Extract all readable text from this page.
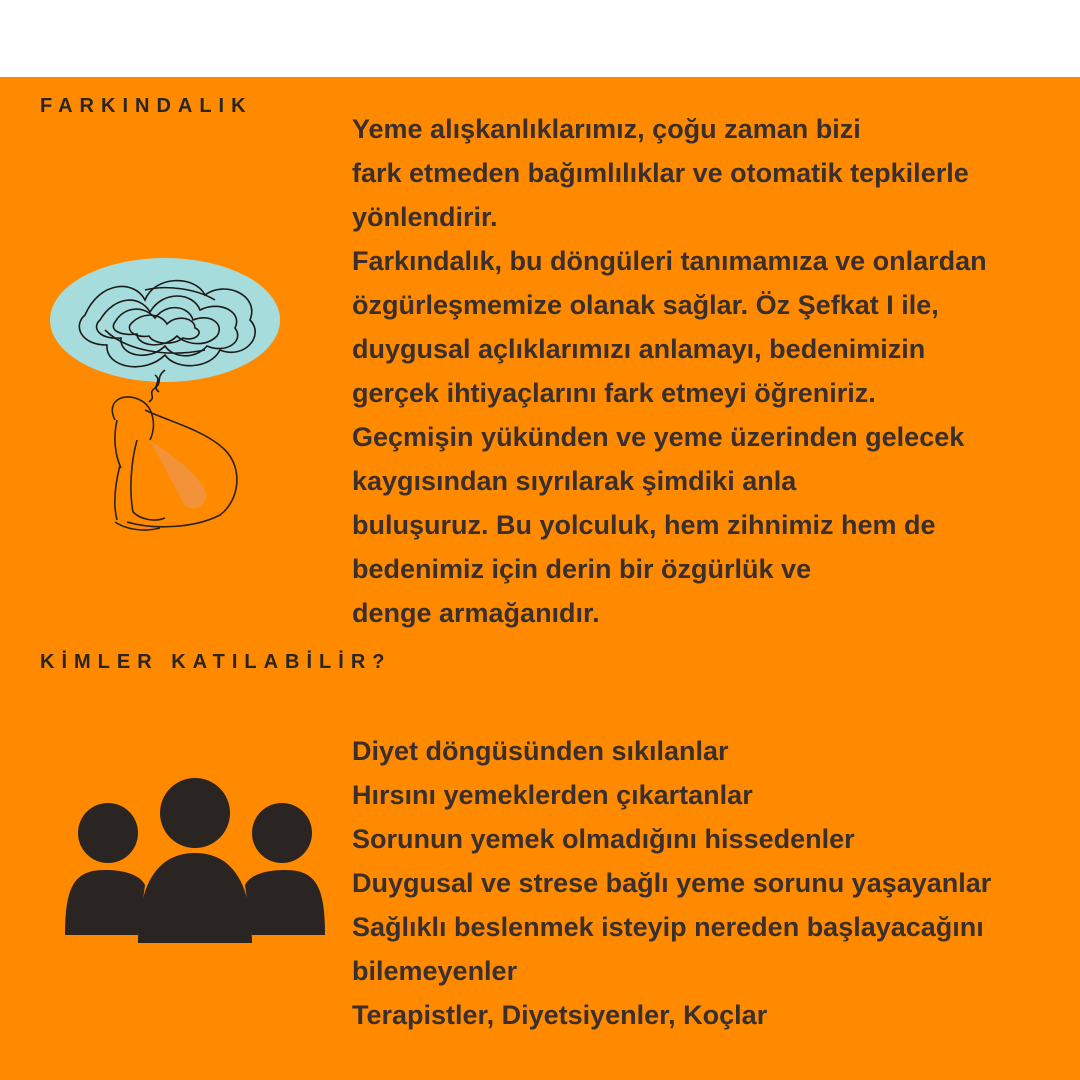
FARKINDALIK

Yeme alışkanlıklarımız, çoğu zaman bizi
fark etmeden bağımlılıklar ve otomatik tepkilerle
yönlendirir.
Farkındalık, bu döngüleri tanımamıza ve onlardan
özgürleşmemize olanak sağlar. Öz Şefkat I ile,
duygusal açlıklarımızı anlamayı, bedenimizin
gerçek ihtiyaçlarını fark etmeyi öğreniriz.
Geçmişin yükünden ve yeme üzerinden gelecek
kaygısından sıyrılarak şimdiki anla
buluşuruz. Bu yolculuk, hem zihnimiz hem de
bedenimiz için derin bir özgürlük ve
denge armağanıdır.

KİMLER KATILABİLİR?
Diyet döngüsünden sıkılanlar
Hırsını yemeklerden çıkartanlar
Sorunun yemek olmadığını hissedenler
Duygusal ve strese bağlı yeme sorunu yaşayanlar
Sağlıklı beslenmek isteyip nereden başlayacağını
bilemeyenler
Terapistler, Diyetsiyenler, Koçlar
